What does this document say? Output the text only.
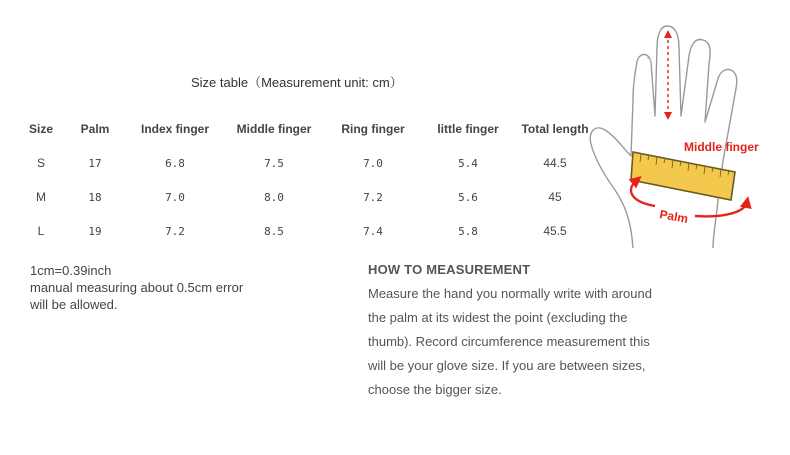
Size table（Measurement unit: cm）
Size	Palm	Index finger	Middle finger	Ring finger	little finger	Total length
S	17	6.8	7.5	7.0	5.4	44.5
M	18	7.0	8.0	7.2	5.6	45
L	19	7.2	8.5	7.4	5.8	45.5
1cm=0.39inch
manual measuring about 0.5cm error
will be allowed.
HOW TO MEASUREMENT
Measure the hand you normally write with around
the palm at its widest the point (excluding the
thumb). Record circumference measurement this
will be your glove size. If you are between sizes,
choose the bigger size.
Palm
Middle finger
